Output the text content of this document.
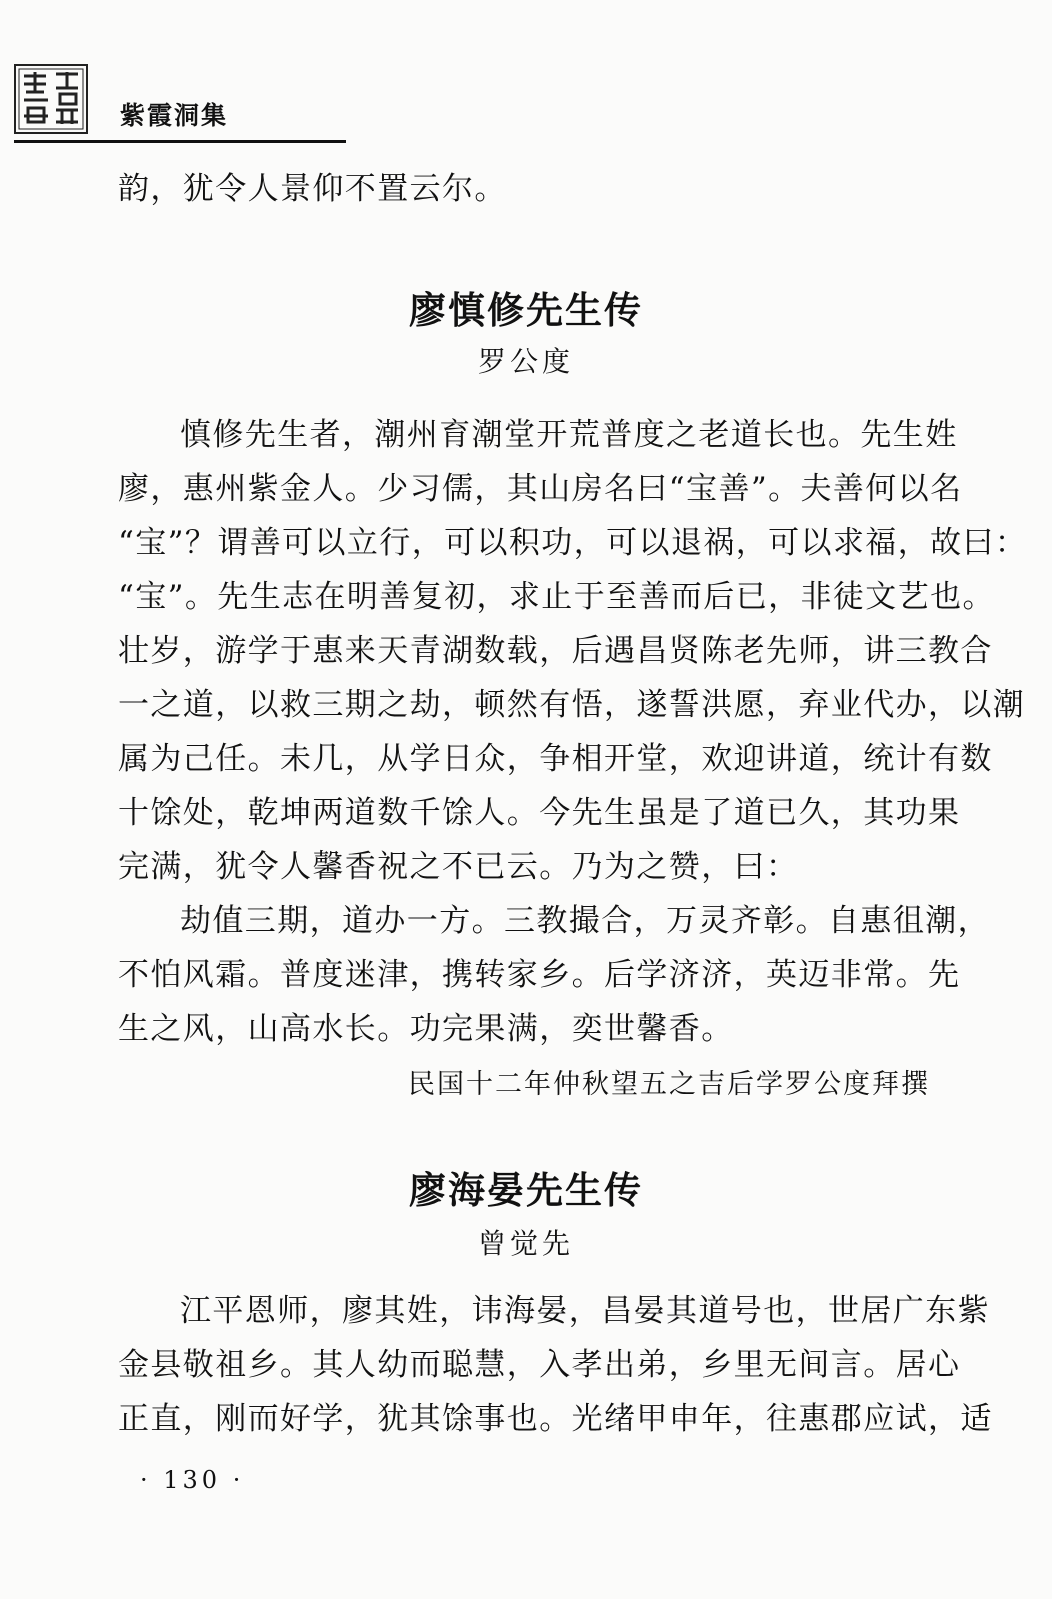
紫霞洞集
韵，犹令人景仰不置云尔。
廖慎修先生传
罗公度
慎修先生者，潮州育潮堂开荒普度之老道长也。先生姓
廖，惠州紫金人。少习儒，其山房名曰“宝善”。夫善何以名
“宝”？谓善可以立行，可以积功，可以退祸，可以求福，故曰：
“宝”。先生志在明善复初，求止于至善而后已，非徒文艺也。
壮岁，游学于惠来天青湖数载，后遇昌贤陈老先师，讲三教合
一之道，以救三期之劫，顿然有悟，遂誓洪愿，弃业代办，以潮
属为己任。未几，从学日众，争相开堂，欢迎讲道，统计有数
十馀处，乾坤两道数千馀人。今先生虽是了道已久，其功果
完满，犹令人馨香祝之不已云。乃为之赞，曰：
劫值三期，道办一方。三教撮合，万灵齐彰。自惠徂潮，
不怕风霜。普度迷津，携转家乡。后学济济，英迈非常。先
生之风，山高水长。功完果满，奕世馨香。
民国十二年仲秋望五之吉后学罗公度拜撰
廖海晏先生传
曾觉先
江平恩师，廖其姓，讳海晏，昌晏其道号也，世居广东紫
金县敬祖乡。其人幼而聪慧，入孝出弟，乡里无间言。居心
正直，刚而好学，犹其馀事也。光绪甲申年，往惠郡应试，适
· 130 ·
